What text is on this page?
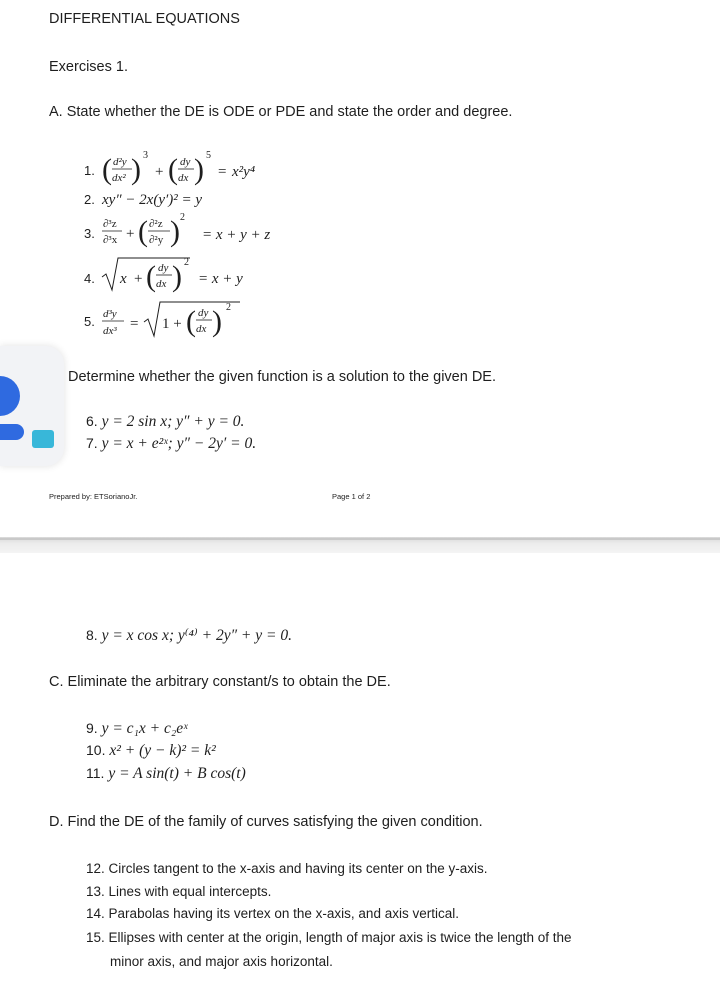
DIFFERENTIAL EQUATIONS
Exercises 1.
A. State whether the DE is ODE or PDE and state the order and degree.
1. ( d²y
dx² ) 3
+ ( dy
dx ) 5
= x²y⁴
2. xy″ − 2x(y′)² = y
3.
∂³z
∂³x + ( ∂²z
∂²y ) 2
= x + y + z
4. x + ( dy
dx ) 2
= x + y
5. d³y
dx³ = 1 + ( dy
dx ) 2
Determine whether the given function is a solution to the given DE.
6. y = 2 sin x; y″ + y = 0.
7. y = x + e²ˣ; y″ − 2y′ = 0.
Prepared by: ETSorianoJr.	Page 1 of 2
8. y = x cos x; y⁽⁴⁾ + 2y″ + y = 0.
C. Eliminate the arbitrary constant/s to obtain the DE.
9. y = c₁x + c₂eˣ
10. x² + (y − k)² = k²
11. y = A sin(t) + B cos(t)
D. Find the DE of the family of curves satisfying the given condition.
12. Circles tangent to the x-axis and having its center on the y-axis.
13. Lines with equal intercepts.
14. Parabolas having its vertex on the x-axis, and axis vertical.
15. Ellipses with center at the origin, length of major axis is twice the length of the
minor axis, and major axis horizontal.
